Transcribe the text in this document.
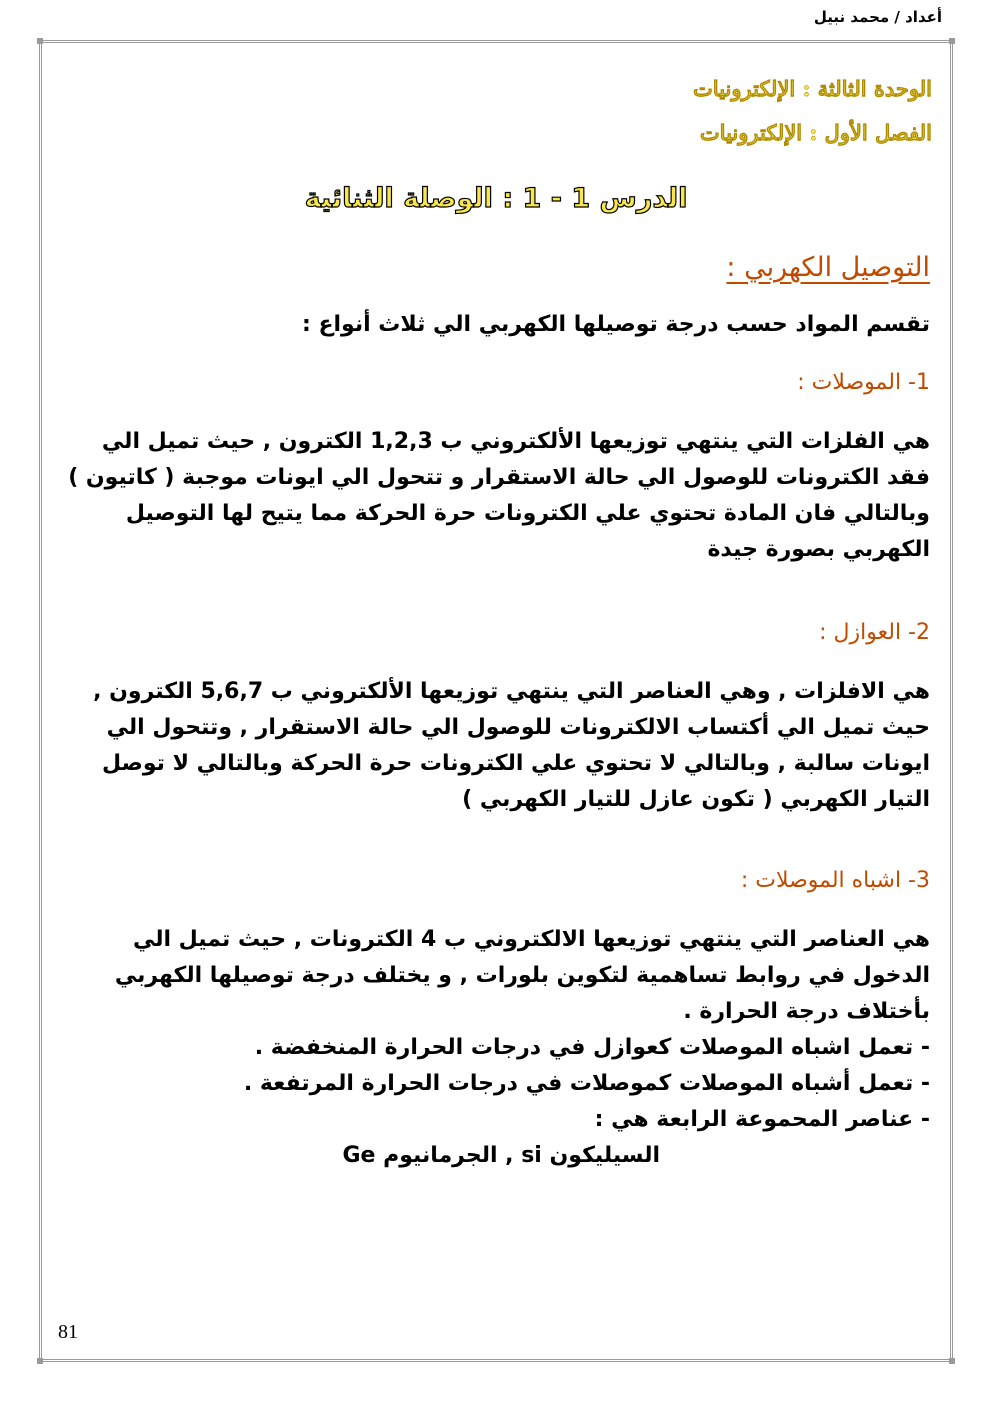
أعداد / محمد نبيل
الوحدة الثالثة : الإلكترونيات
الفصل الأول : الإلكترونيات
الدرس 1 - 1 : الوصلة الثنائية
التوصيل الكهربي :
تقسم المواد حسب درجة توصيلها الكهربي الي ثلاث أنواع :
1- الموصلات :

هي الفلزات التي ينتهي توزيعها الألكتروني ب 1,2,3 الكترون , حيث تميل الي

فقد الكترونات للوصول الي حالة الاستقرار و تتحول الي ايونات موجبة ( كاتيون )

وبالتالي فان المادة تحتوي علي الكترونات حرة الحركة مما يتيح لها التوصيل

الكهربي بصورة جيدة

2- العوازل :

هي الافلزات , وهي العناصر التي ينتهي توزيعها الألكتروني ب 5,6,7 الكترون ,

حيث تميل الي أكتساب الالكترونات للوصول الي حالة الاستقرار , وتتحول الي

ايونات سالبة , وبالتالي لا تحتوي علي الكترونات حرة الحركة وبالتالي لا توصل

التيار الكهربي ( تكون عازل للتيار الكهربي )

3- اشباه الموصلات :

هي العناصر التي ينتهي توزيعها الالكتروني ب 4 الكترونات , حيث تميل الي

الدخول في روابط تساهمية لتكوين بلورات , و يختلف درجة توصيلها الكهربي

بأختلاف درجة الحرارة .

- تعمل اشباه الموصلات كعوازل في درجات الحرارة المنخفضة .

- تعمل أشباه الموصلات كموصلات في درجات الحرارة المرتفعة .

- عناصر المحموعة الرابعة هي :

السيليكون si , الجرمانيوم Ge

81
